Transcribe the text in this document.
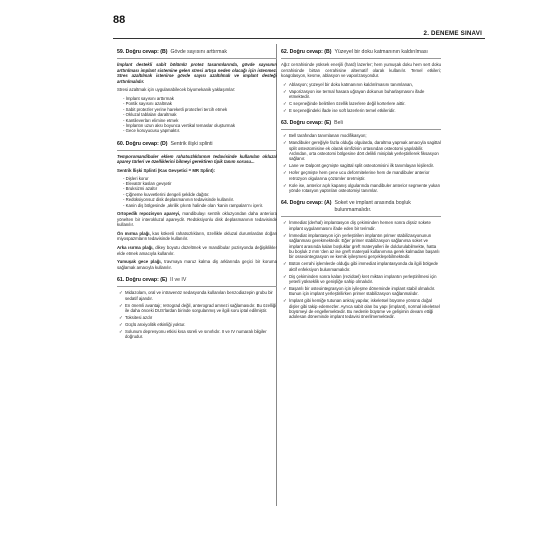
88
2. DENEME SINAVI
59. Doğru cevap: (B) Gövde sayısını arttırmak

İmplant destekli sabit bölümlü protez tasarımlarında, gövde sayısının arttırılması implant sistemine gelen stresi artışa neden olacağı için istenmez. Stres azaltılmak istenirse gövde sayısı azaltılmalı ve implant desteği arttırılmalıdır.

Stresi azaltmak için uygulanabilecek biyomekanik yaklaşımlar:

- İmplant sayısını arttırmak
- Pontik sayısını azaltmak
- Sabit protezler yerine hareketli protezleri tercih etmek
- Okluzal tablaları daraltmak
- Kantileverları elimine etmek
- İmplantın uzun aksı boyunca vertikal temaslar oluşturmak
- Gece koruyucusu yapmaktır.
60. Doğru cevap: (D) Sentrik ilişki splinti

Temporomandibuler eklem rahatsızlıklarının tedavisinde kullanılan okluzal aparey türleri ve özelliklerini bilmeyi gerektiren tipik tanım sorusu...

Sentrik İlişki Splinti (Kas Gevşetici = MR Splint):

- Dişleri korur
- Elevatör kasları gevşetir
- Bruksizmi azaltır
- Çiğneme kuvvetlerini dengeli şekilde dağıtır.
- Redüksiyonsuz disk deplasmanının tedavisinde kullanılır.
- Kanin diş bölgesinde ,akrilik çıkıntı halinde olan 'kanin rampaları'nı içerir.

Ortopedik repozisyon apareyi, mandibulayı sentrik okluzyondan daha anteriora yönelten bir interokluzal apareydir. Redüksiyonlu disk deplasmanının tedavisinde kullanılır.

Ön mırma plağı, kas kökenli rahatsızlıkların, özellikle okluzal durumlardan doğan miyospazmların tedavisinde kullanılır.

Arka ısırma plağı, dikey boyutu düzeltmek ve mandibular pozisyonda değişiklikler elde etmek amacıyla kullanılır.

Yumuşak gece plağı, travmaya maruz kalma diş arklarında geçici bir koruma sağlamak amacıyla kullanılır.

61. Doğru cevap: (E) II ve IV
✓ Midazolam, oral ve intravenöz sedasyonda kullanılan benzodiazepin grubu bir sedatif ajandır.
✓ En önemli avantajı; retrograd değil, anterograd amnezi sağlamasıdır. Bu özelliği ile daha önceki DUS'lardan birinde sorgulanmış ve ilgili soru iptal edilmiştir.
✓ Toksitesi azdır
✓ Güçlü anxiyolitik etkinliği yoktur.
✓ Solunum depresyonu etkisi kısa süreli ve sınırlıdır. II ve IV numaralı bilgiler doğrudur.
62. Doğru cevap: (B) Yüzeyel bir doku katmanının kaldırılması

Ağız cerrahisinde yüksek enerjili (hard) lazerler; hem yumuşak doku hem sert doku cerrahisinde birtarı cerrahisine alternatif olarak kullanılır. Temel etkileri; koagülasyon, kesme, ablasyon ve vaporizasyondur.

✓ Ablasyon; yüzeyel bir doku katmanının kaldırılmasını tanımlanan,
✓ Vaporizasyon ise termal hasara uğrayan dokunun buharlaşmasını ifade etmektedir.
✓ C seçeneğinde belirtilen özellik lazerlere değil korterlere aittir.
✓ E seçeneğindeki ifade ise soft lazerlerin temel etkileridir.
63. Doğru cevap: (E) Beli
✓ Bell tarafından tanımlanan modifikasyon;
✓ Mandibuler gereğiyle fazla olduğu olgularda, daraltma yapmak amacıyla sagittal split osteotomisine ek olarak simfizisin ortasından osteotomi yapılabilir. Ardından, orta osteotomi bölgesine dört delikli miniplak yerleştirilerek fiksasyon sağlanır.
✓ Lane ve Dalpont geçmişte sagittal split osteotomisini ilk tanımlayan kişilerdir.
✓ Hofer geçmişte hem çene ucu deformitelerine hem de mandibuler anterior retrüzyon olgularına çözümler üretmiştir.
✓ Kole ise, anterior açık kapanış olgularında mandibuler anterior segmente yukarı yönde rotasyon yaptırılan osteotomiyi tanımlar.
64. Doğru cevap: (A) Soket ve implant arasında boşluk bulunmamalıdır.
✓ İmmediat (derhal) implantasyon diş çekiminden hemen sonra dişsiz sokete implant uygulanmasını ifade eden bir terimdir.
✓ İmmediat implantasyon için yerleştirilen implantın primer stabilizasyonunun sağlanması gerekmektedir. Eğer primer stabilizasyon sağlanırsa soket ve implant arasında kalan boşluklar greft materyalleri ile doldurulabilmekte, hatta bu boşluk 2 mm 'den az ise greft materyali kullanımına gerek kalmadan başarılı bir osseointegrasyon ve kemik iyileşmesi gerçekleşebilmektedir.
✓ Bütün cerrahi işlemlerde olduğu gibi immediat implantasyonda da ilgili bölgede aktif enfeksiyon bulunmamalıdır.
✓ Diş çekiminden sonra kalan (rezidüel) kret miktarı implantın yerleştirilmesi için yeterli yükseklik ve genişliğe sahip olmalıdır.
✓ Başarılı bir osteointegrasyon için iyileşme döneminde implant stabil olmalıdır. Bunun için implant yerleştirilirken primer stabilizasyon sağlanmalıdır.
✓ İmplant gibi kemiğe tutunan ankraj yapılar, iskeletsel büyüme yönünü doğal dişler gibi takip edemezler. Ayrıca sabit olan bu yapı (implant), normal iskeletsel büyümeyi de engellemektedir. Bu nedenle büyüme ve gelişimin devam ettiği adolesan döneminde implant tedavisi önerilmemektedir.
